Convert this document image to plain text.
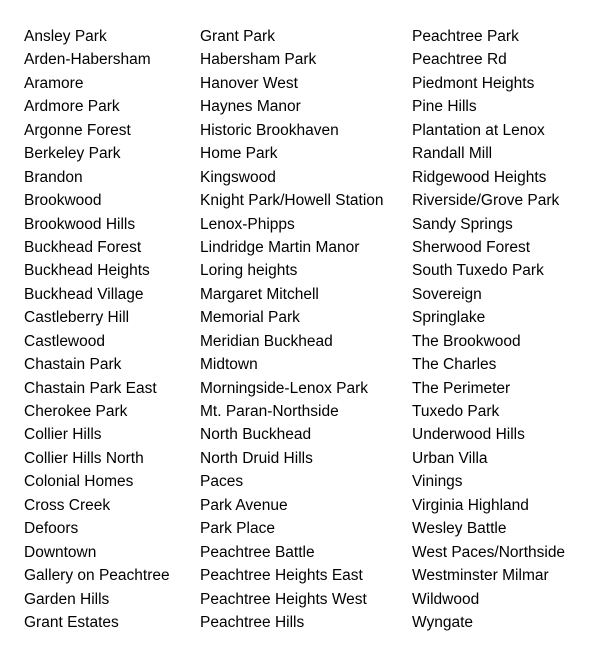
Ansley Park
Arden-Habersham
Aramore
Ardmore Park
Argonne Forest
Berkeley Park
Brandon
Brookwood
Brookwood Hills
Buckhead Forest
Buckhead Heights
Buckhead Village
Castleberry Hill
Castlewood
Chastain Park
Chastain Park East
Cherokee Park
Collier Hills
Collier Hills North
Colonial Homes
Cross Creek
Defoors
Downtown
Gallery on Peachtree
Garden Hills
Grant Estates
Grant Park
Habersham Park
Hanover West
Haynes Manor
Historic Brookhaven
Home Park
Kingswood
Knight Park/Howell Station
Lenox-Phipps
Lindridge Martin Manor
Loring heights
Margaret Mitchell
Memorial Park
Meridian Buckhead
Midtown
Morningside-Lenox Park
Mt. Paran-Northside
North Buckhead
North Druid Hills
Paces
Park Avenue
Park Place
Peachtree Battle
Peachtree Heights East
Peachtree Heights West
Peachtree Hills
Peachtree Park
Peachtree Rd
Piedmont Heights
Pine Hills
Plantation at Lenox
Randall Mill
Ridgewood Heights
Riverside/Grove Park
Sandy Springs
Sherwood Forest
South Tuxedo Park
Sovereign
Springlake
The Brookwood
The Charles
The Perimeter
Tuxedo Park
Underwood Hills
Urban Villa
Vinings
Virginia Highland
Wesley Battle
West Paces/Northside
Westminster Milmar
Wildwood
Wyngate
